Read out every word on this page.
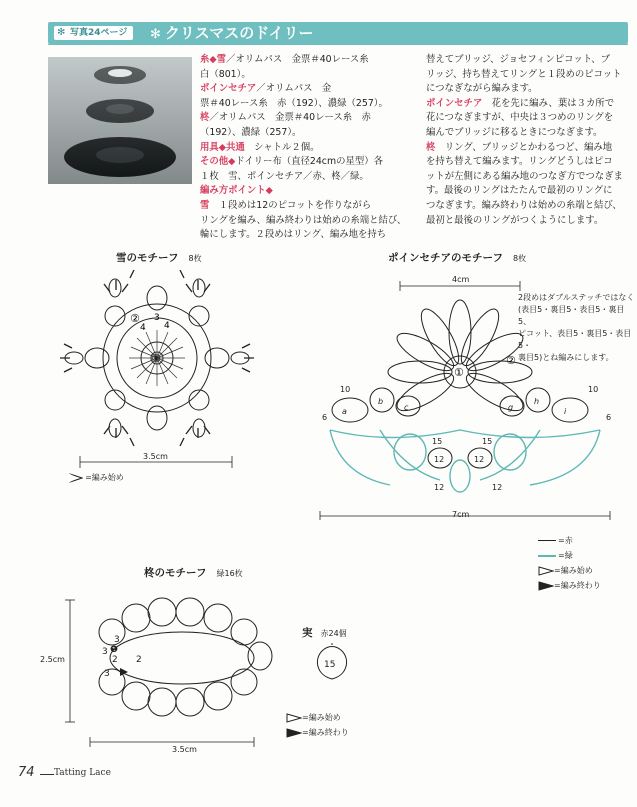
✻ 写真24ページ	✻ クリスマスのドイリー

糸◆雪／オリムパス　金票＃40レース糸

白（801）。

ポインセチア／オリムパス　金

票＃40レース糸　赤（192）、濃緑（257）。

柊／オリムパス　金票＃40レース糸　赤

（192）、濃緑（257）。

用具◆共通　シャトル２個。

その他◆ドイリー布（直径24cmの星型）各

１枚　雪、ポインセチア／赤、柊／緑。

編み方ポイント◆

雪　１段めは12のピコットを作りながら

リングを編み、編み終わりは始めの糸端と結び、

輪にします。２段めはリング、編み地を持ち

替えてブリッジ、ジョセフィンピコット、ブ

リッジ、持ち替えてリングと１段めのピコット

につなぎながら編みます。

ポインセチア　花を先に編み、葉は３カ所で

花につなぎますが、中央は３つめのリングを

編んでブリッジに移るときにつなぎます。

柊　リング、ブリッジとかわるつど、編み地

を持ち替えて編みます。リングどうしはピコ

ットが左側にある編み地のつなぎ方でつなぎま

す。最後のリングはたたんで最初のリングに

つなぎます。編み終わりは始めの糸端と結び、

最初と最後のリングがつくようにします。

雪のモチーフ 8枚
②
①
4
3
4
3.5cm
=編み始め
ポインセチアのモチーフ 8枚
4cm
2段めはダブルステッチではなく
(表目5・裏目5・表目5・裏目5、
ピコット、表目5・裏目5・表目5・
裏目5)とね編みにします。
②
①
a
b
c	i
h
g
12	12
10
6
15	15
12	12
10
6
7cm
=赤
=緑
=編み始め
=編み終わり
柊のモチーフ 緑16枚
3
3
2
3
2
❶
2.5cm
3.5cm
=編み始め
=編み終わり
実 赤24個
15
74 Tatting Lace
